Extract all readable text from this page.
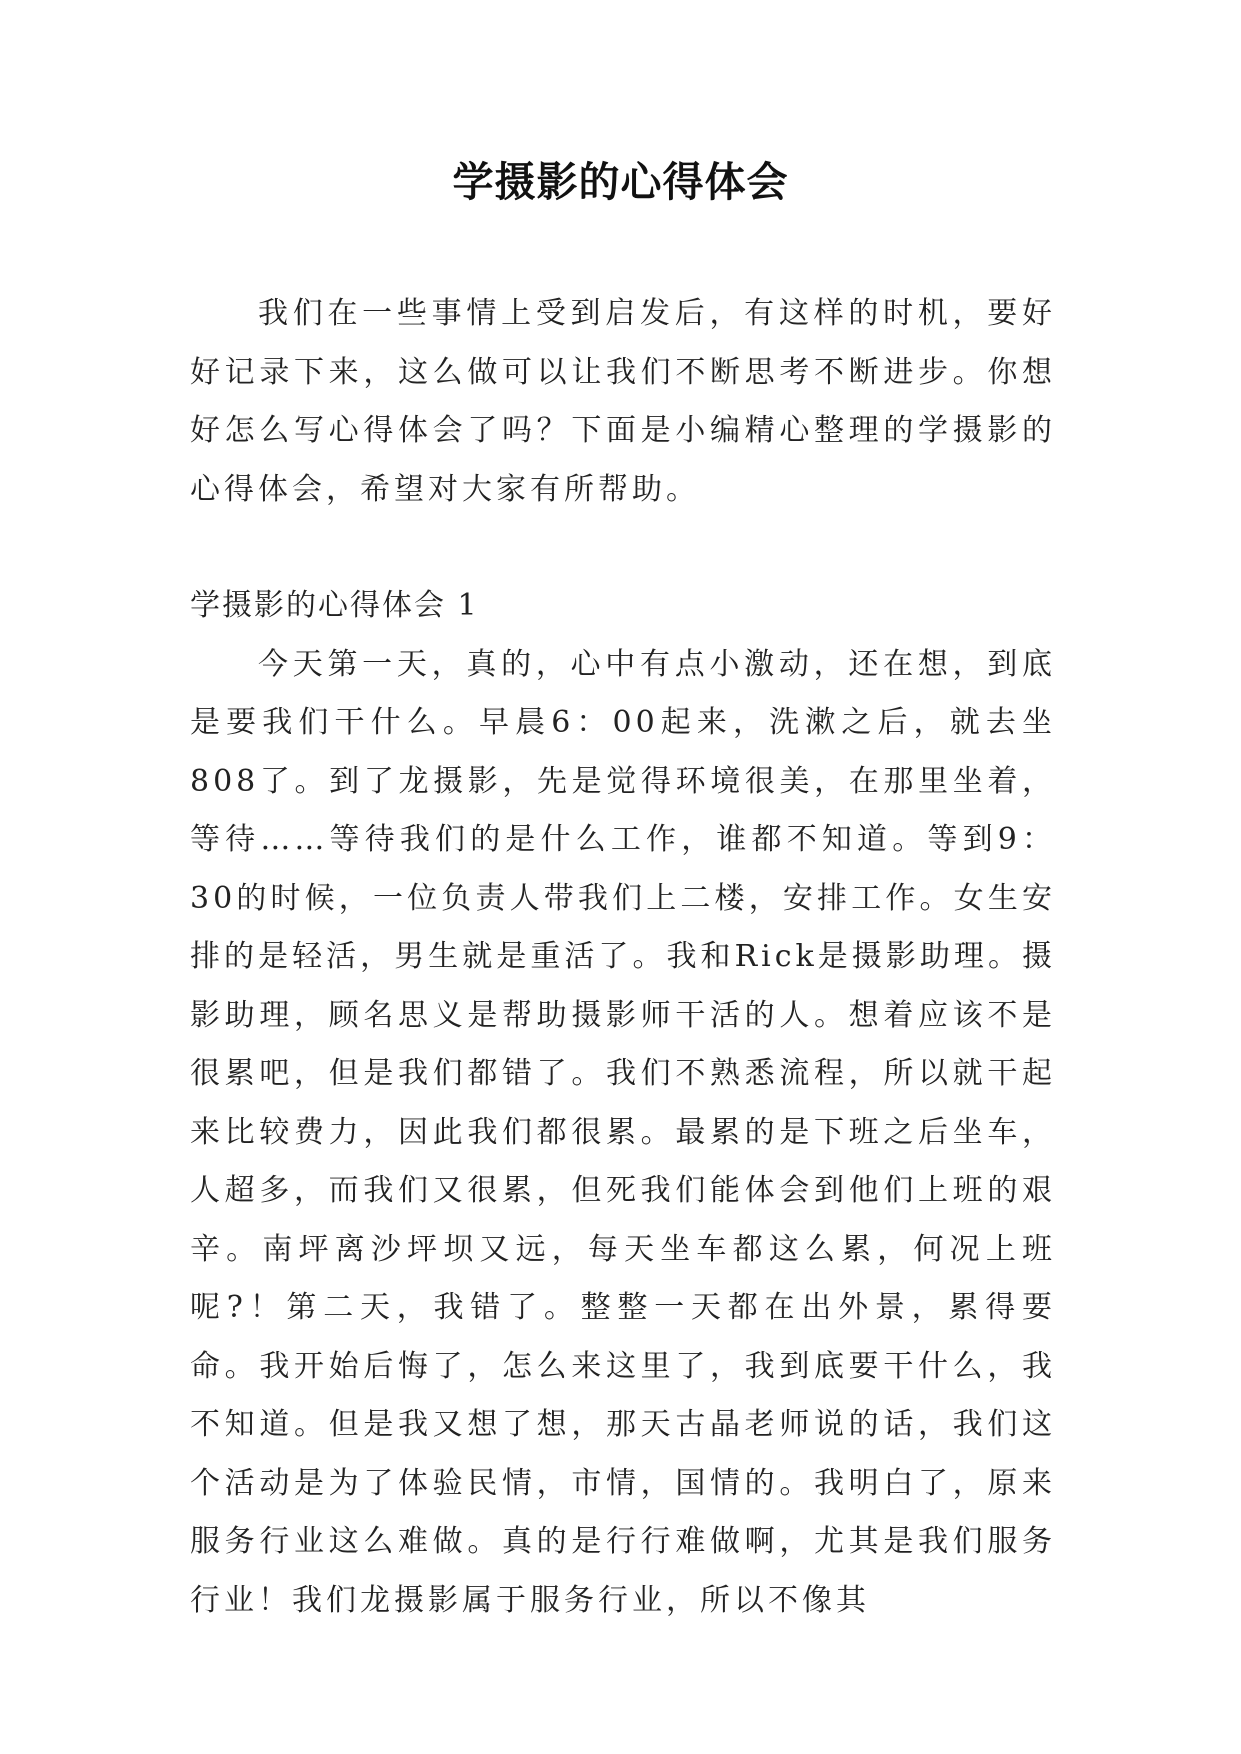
学摄影的心得体会

我们在一些事情上受到启发后，有这样的时机，要好好记录下来，这么做可以让我们不断思考不断进步。你想好怎么写心得体会了吗？下面是小编精心整理的学摄影的心得体会，希望对大家有所帮助。

学摄影的心得体会 1

今天第一天，真的，心中有点小激动，还在想，到底是要我们干什么。早晨6：00起来，洗漱之后，就去坐808了。到了龙摄影，先是觉得环境很美，在那里坐着，等待……等待我们的是什么工作，谁都不知道。等到9：30的时候，一位负责人带我们上二楼，安排工作。女生安排的是轻活，男生就是重活了。我和Rick是摄影助理。摄影助理，顾名思义是帮助摄影师干活的人。想着应该不是很累吧，但是我们都错了。我们不熟悉流程，所以就干起来比较费力，因此我们都很累。最累的是下班之后坐车，人超多，而我们又很累，但死我们能体会到他们上班的艰辛。南坪离沙坪坝又远，每天坐车都这么累，何况上班呢?！第二天，我错了。整整一天都在出外景，累得要命。我开始后悔了，怎么来这里了，我到底要干什么，我不知道。但是我又想了想，那天古晶老师说的话，我们这个活动是为了体验民情，市情，国情的。我明白了，原来服务行业这么难做。真的是行行难做啊，尤其是我们服务行业！我们龙摄影属于服务行业，所以不像其
